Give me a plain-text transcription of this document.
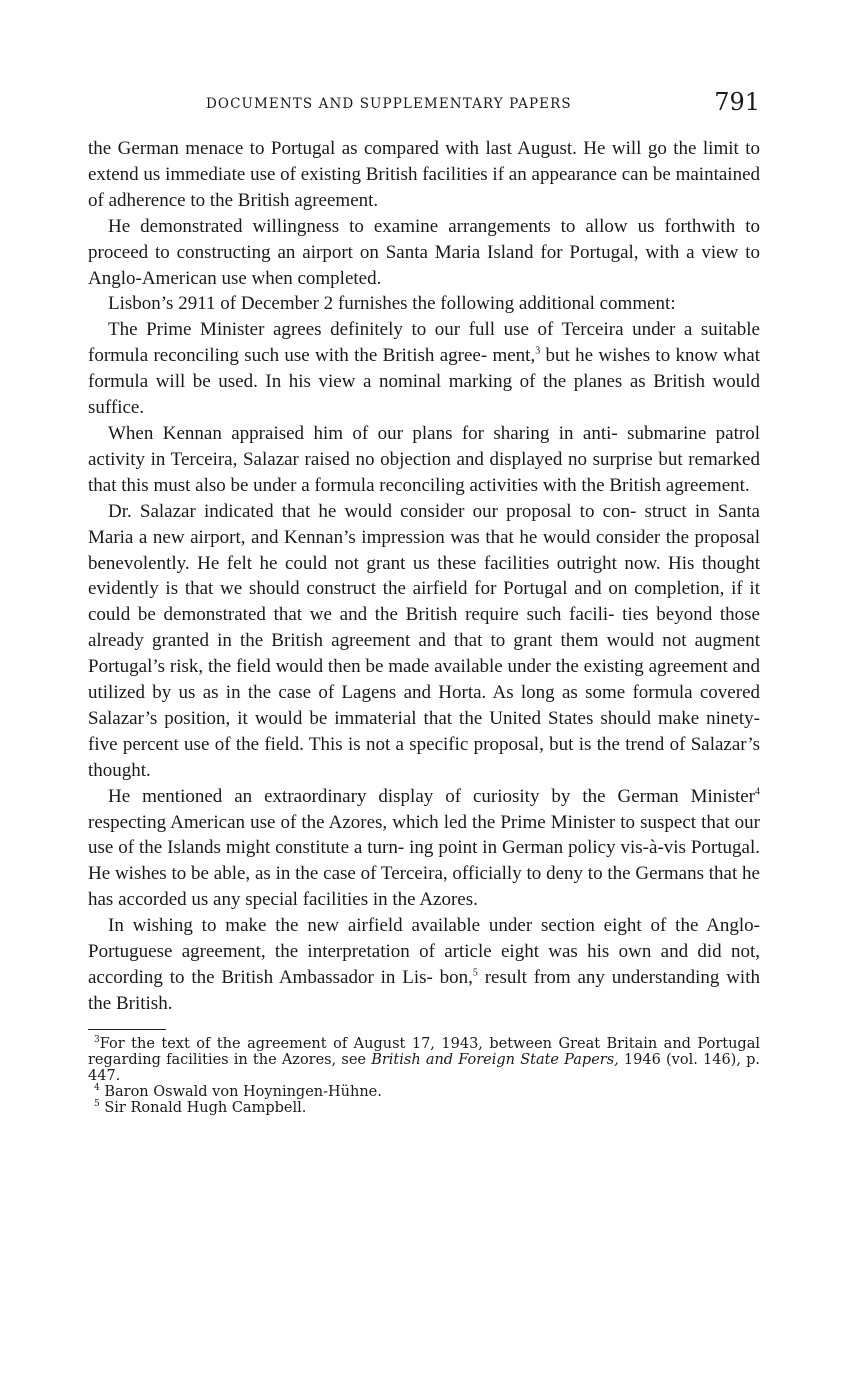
DOCUMENTS AND SUPPLEMENTARY PAPERS	791

the German menace to Portugal as compared with last August. He will go the limit to extend us immediate use of existing British facilities if an appearance can be maintained of adherence to the British agreement.

He demonstrated willingness to examine arrangements to allow us forthwith to proceed to constructing an airport on Santa Maria Island for Portugal, with a view to Anglo-American use when completed.

Lisbon’s 2911 of December 2 furnishes the following additional comment:

The Prime Minister agrees definitely to our full use of Terceira under a suitable formula reconciling such use with the British agree- ment,$^3$ but he wishes to know what formula will be used. In his view a nominal marking of the planes as British would suffice.

When Kennan appraised him of our plans for sharing in anti- submarine patrol activity in Terceira, Salazar raised no objection and displayed no surprise but remarked that this must also be under a formula reconciling activities with the British agreement.

Dr. Salazar indicated that he would consider our proposal to con- struct in Santa Maria a new airport, and Kennan’s impression was that he would consider the proposal benevolently. He felt he could not grant us these facilities outright now. His thought evidently is that we should construct the airfield for Portugal and on completion, if it could be demonstrated that we and the British require such facili- ties beyond those already granted in the British agreement and that to grant them would not augment Portugal’s risk, the field would then be made available under the existing agreement and utilized by us as in the case of Lagens and Horta. As long as some formula covered Salazar’s position, it would be immaterial that the United States should make ninety-five percent use of the field. This is not a specific proposal, but is the trend of Salazar’s thought.

He mentioned an extraordinary display of curiosity by the German Minister$^4$ respecting American use of the Azores, which led the Prime Minister to suspect that our use of the Islands might constitute a turn- ing point in German policy vis-à-vis Portugal. He wishes to be able, as in the case of Terceira, officially to deny to the Germans that he has accorded us any special facilities in the Azores.

In wishing to make the new airfield available under section eight of the Anglo-Portuguese agreement, the interpretation of article eight was his own and did not, according to the British Ambassador in Lis- bon,$^5$ result from any understanding with the British.

$^3$For the text of the agreement of August 17, 1943, between Great Britain and Portugal regarding facilities in the Azores, see British and Foreign State Papers, 1946 (vol. 146), p. 447.

$^4$ Baron Oswald von Hoyningen-Hühne.

$^5$ Sir Ronald Hugh Campbell.
